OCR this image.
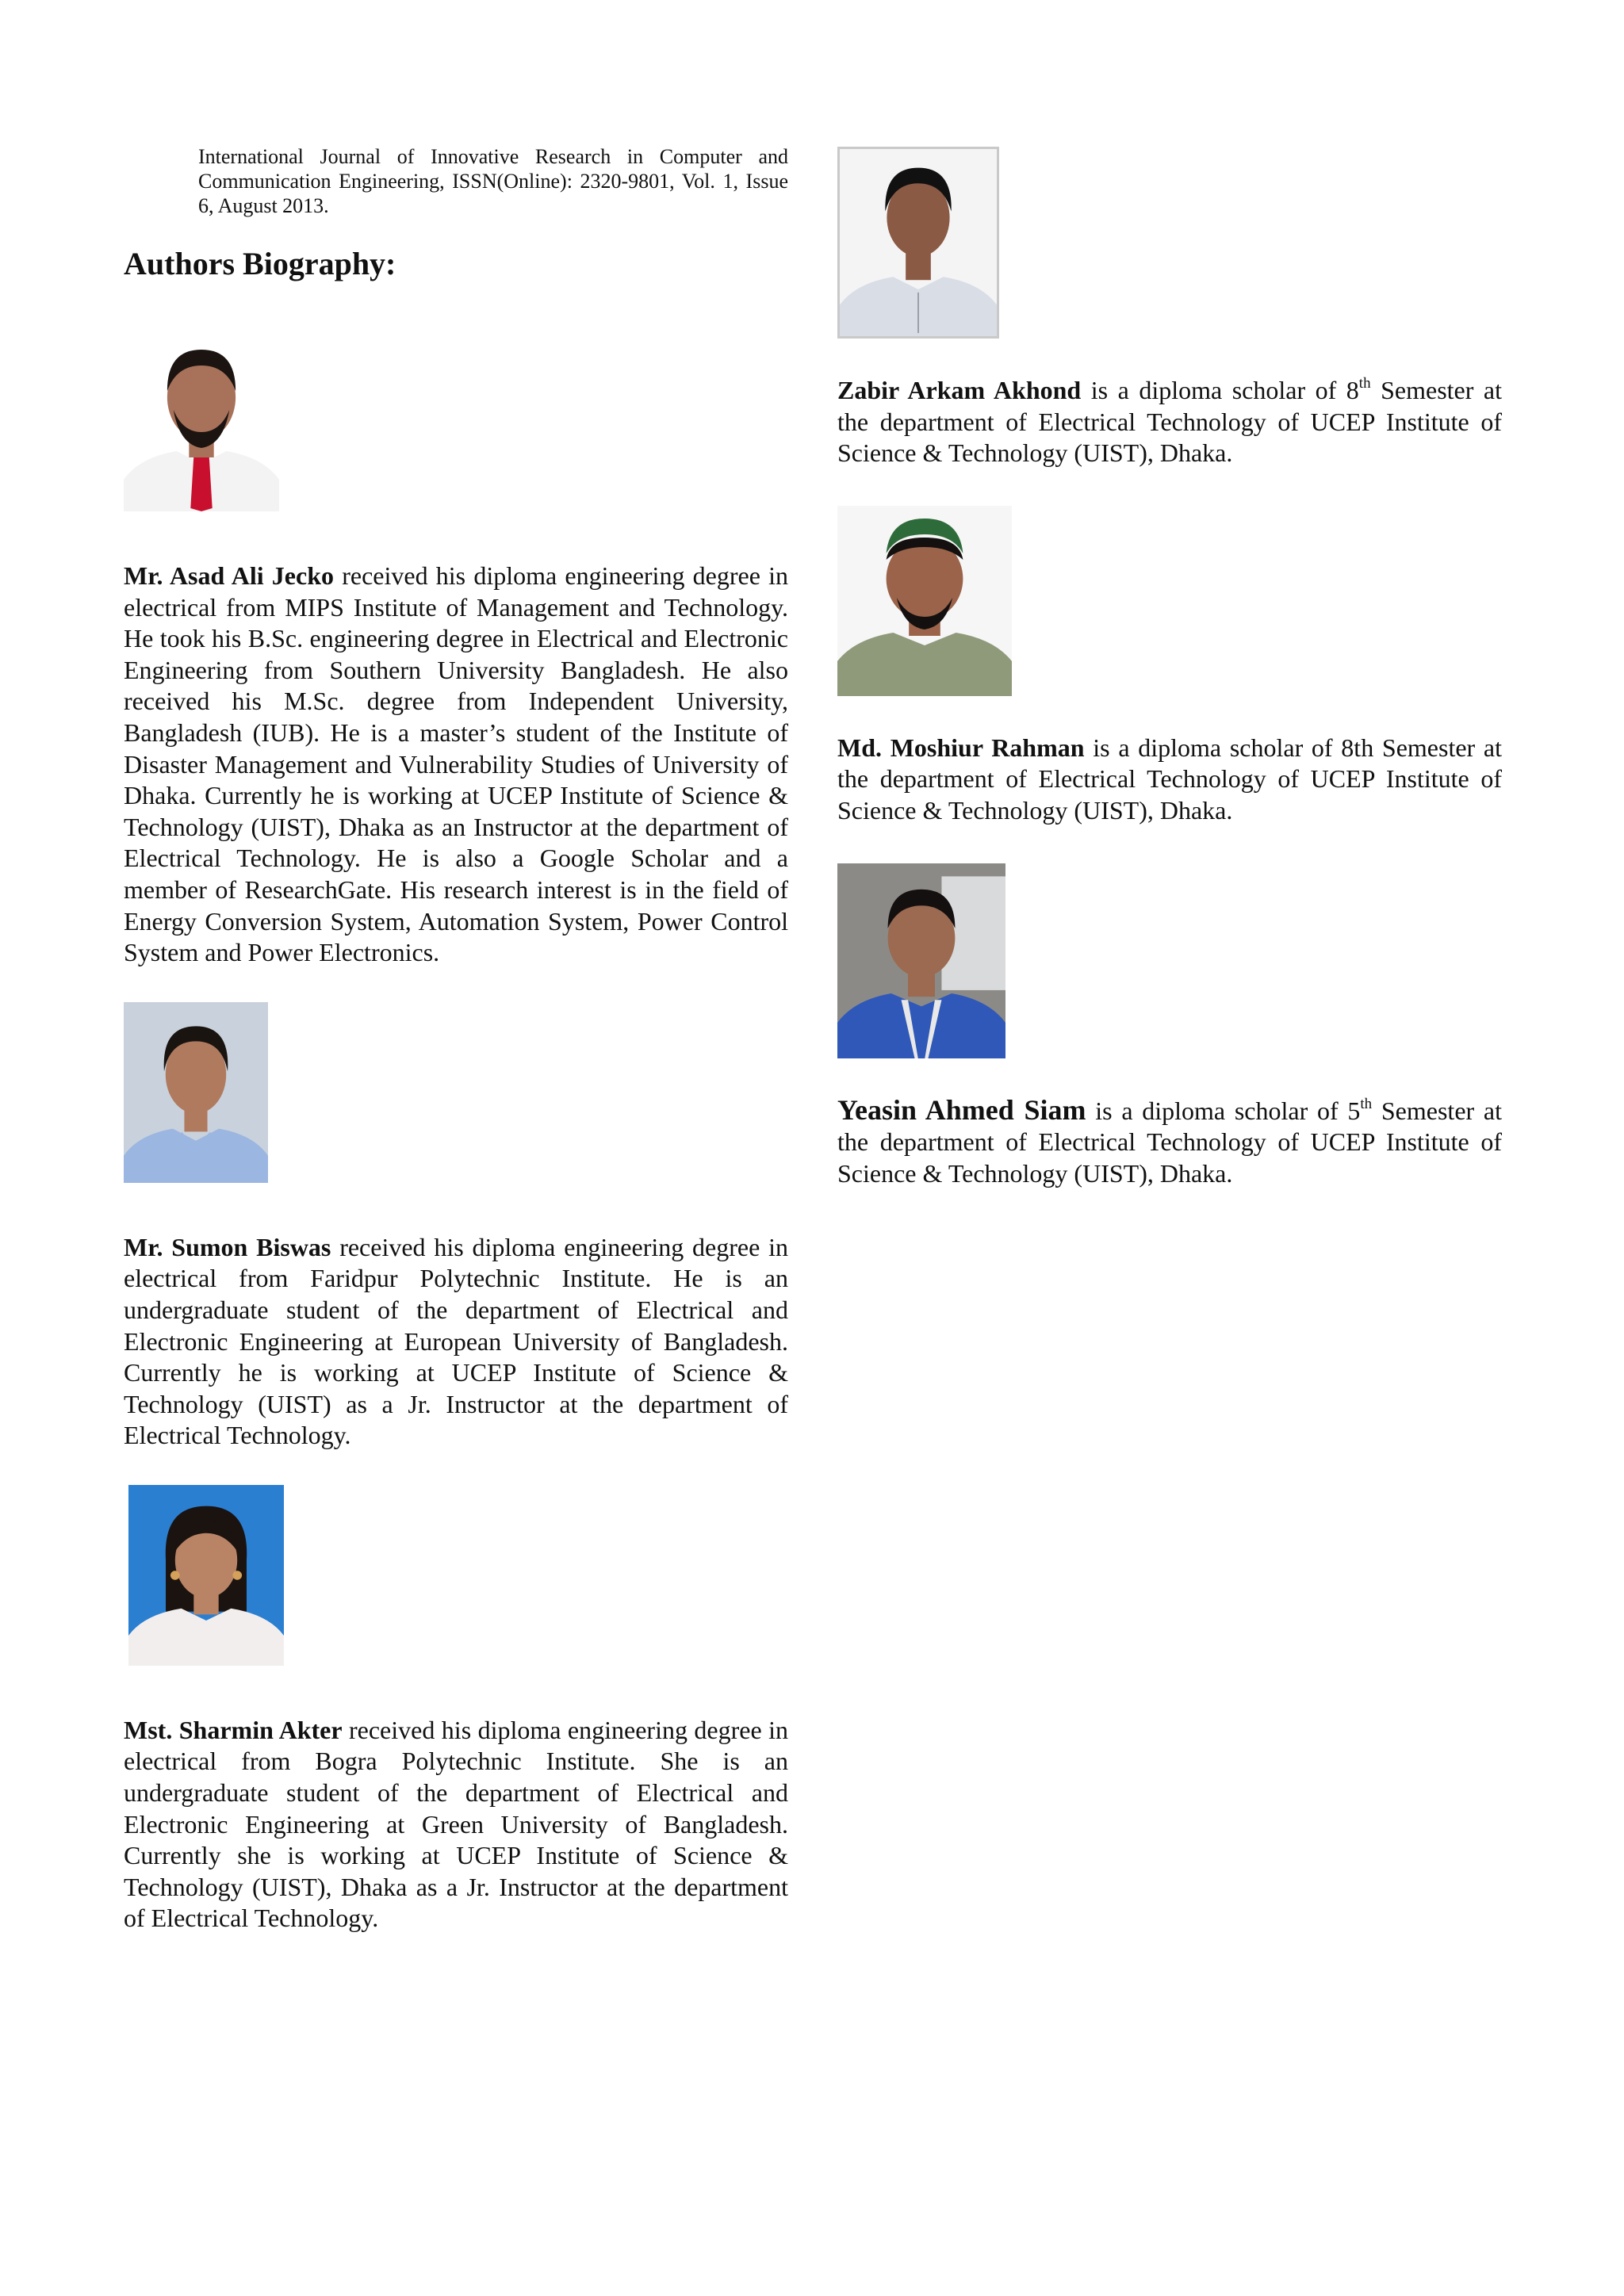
International Journal of Innovative Research in Computer and Communication Engineering, ISSN(Online): 2320-9801, Vol. 1, Issue 6, August 2013.
Authors Biography:

Mr. Asad Ali Jecko received his diploma engineering degree in electrical from MIPS Institute of Management and Technology. He took his B.Sc. engineering degree in Electrical and Electronic Engineering from Southern University Bangladesh. He also received his M.Sc. degree from Independent University, Bangladesh (IUB). He is a master’s student of the Institute of Disaster Management and Vulnerability Studies of University of Dhaka. Currently he is working at UCEP Institute of Science & Technology (UIST), Dhaka as an Instructor at the department of Electrical Technology. He is also a Google Scholar and a member of ResearchGate. His research interest is in the field of Energy Conversion System, Automation System, Power Control System and Power Electronics.

Mr. Sumon Biswas received his diploma engineering degree in electrical from Faridpur Polytechnic Institute. He is an undergraduate student of the department of Electrical and Electronic Engineering at European University of Bangladesh. Currently he is working at UCEP Institute of Science & Technology (UIST) as a Jr. Instructor at the department of Electrical Technology.

Mst. Sharmin Akter received his diploma engineering degree in electrical from Bogra Polytechnic Institute. She is an undergraduate student of the department of Electrical and Electronic Engineering at Green University of Bangladesh. Currently she is working at UCEP Institute of Science & Technology (UIST), Dhaka as a Jr. Instructor at the department of Electrical Technology.

Zabir Arkam Akhond is a diploma scholar of 8th Semester at the department of Electrical Technology of UCEP Institute of Science & Technology (UIST), Dhaka.

Md. Moshiur Rahman is a diploma scholar of 8th Semester at the department of Electrical Technology of UCEP Institute of Science & Technology (UIST), Dhaka.

Yeasin Ahmed Siam is a diploma scholar of 5th Semester at the department of Electrical Technology of UCEP Institute of Science & Technology (UIST), Dhaka.
